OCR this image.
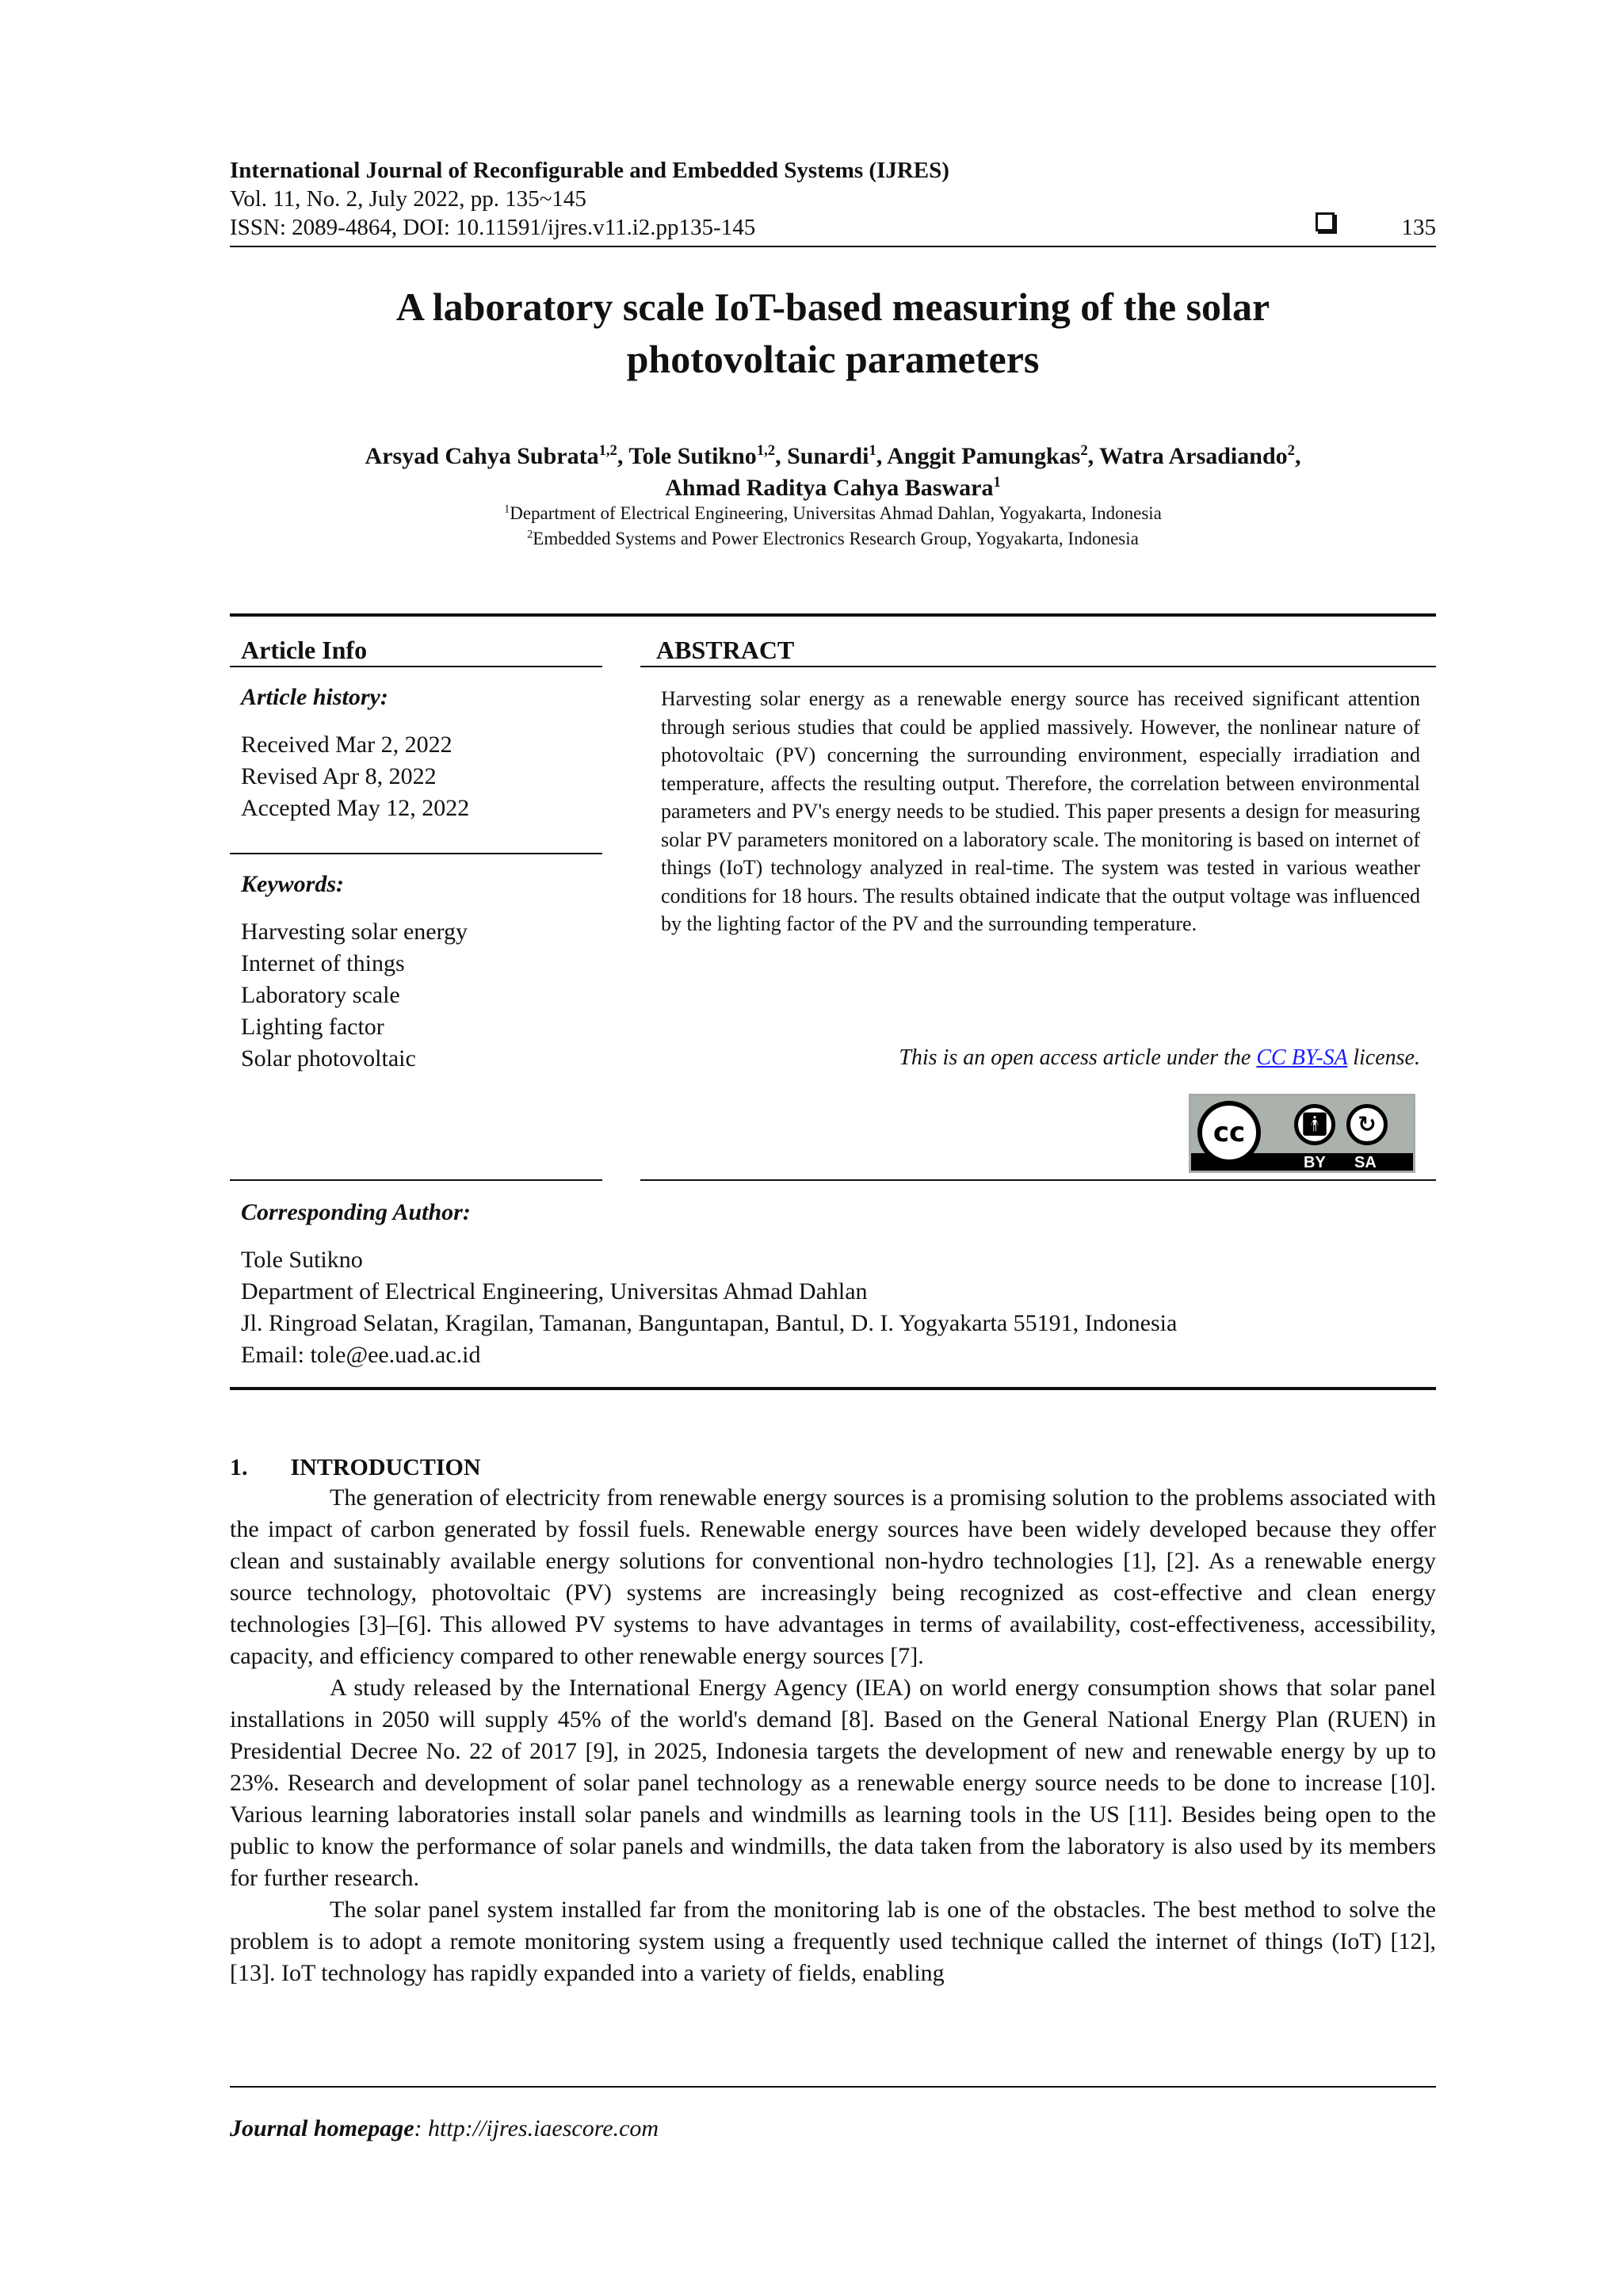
International Journal of Reconfigurable and Embedded Systems (IJRES)
Vol. 11, No. 2, July 2022, pp. 135~145
ISSN: 2089-4864, DOI: 10.11591/ijres.v11.i2.pp135-145	135
A laboratory scale IoT-based measuring of the solar
photovoltaic parameters
Arsyad Cahya Subrata$^{1,2}$, Tole Sutikno$^{1,2}$, Sunardi$^1$, Anggit Pamungkas$^2$, Watra Arsadiando$^2$,
Ahmad Raditya Cahya Baswara$^1$
$^1$Department of Electrical Engineering, Universitas Ahmad Dahlan, Yogyakarta, Indonesia
$^2$Embedded Systems and Power Electronics Research Group, Yogyakarta, Indonesia
Article Info
Article history:
Received Mar 2, 2022
Revised Apr 8, 2022
Accepted May 12, 2022
Keywords:
Harvesting solar energy
Internet of things
Laboratory scale
Lighting factor
Solar photovoltaic
ABSTRACT
Harvesting solar energy as a renewable energy source has received significant attention through serious studies that could be applied massively. However, the nonlinear nature of photovoltaic (PV) concerning the surrounding environment, especially irradiation and temperature, affects the resulting output. Therefore, the correlation between environmental parameters and PV's energy needs to be studied. This paper presents a design for measuring solar PV parameters monitored on a laboratory scale. The monitoring is based on internet of things (IoT) technology analyzed in real-time. The system was tested in various weather conditions for 18 hours. The results obtained indicate that the output voltage was influenced by the lighting factor of the PV and the surrounding temperature.
This is an open access article under the CC BY-SA license.
cc	🚹︎	↻
BY SA
Corresponding Author:
Tole Sutikno
Department of Electrical Engineering, Universitas Ahmad Dahlan
Jl. Ringroad Selatan, Kragilan, Tamanan, Banguntapan, Bantul, D. I. Yogyakarta 55191, Indonesia
Email: tole@ee.uad.ac.id
1. INTRODUCTION
The generation of electricity from renewable energy sources is a promising solution to the problems associated with the impact of carbon generated by fossil fuels. Renewable energy sources have been widely developed because they offer clean and sustainably available energy solutions for conventional non-hydro technologies [1], [2]. As a renewable energy source technology, photovoltaic (PV) systems are increasingly being recognized as cost-effective and clean energy technologies [3]–[6]. This allowed PV systems to have advantages in terms of availability, cost-effectiveness, accessibility, capacity, and efficiency compared to other renewable energy sources [7].
A study released by the International Energy Agency (IEA) on world energy consumption shows that solar panel installations in 2050 will supply 45% of the world's demand [8]. Based on the General National Energy Plan (RUEN) in Presidential Decree No. 22 of 2017 [9], in 2025, Indonesia targets the development of new and renewable energy by up to 23%. Research and development of solar panel technology as a renewable energy source needs to be done to increase [10]. Various learning laboratories install solar panels and windmills as learning tools in the US [11]. Besides being open to the public to know the performance of solar panels and windmills, the data taken from the laboratory is also used by its members for further research.
The solar panel system installed far from the monitoring lab is one of the obstacles. The best method to solve the problem is to adopt a remote monitoring system using a frequently used technique called the internet of things (IoT) [12], [13]. IoT technology has rapidly expanded into a variety of fields, enabling
Journal homepage: http://ijres.iaescore.com
